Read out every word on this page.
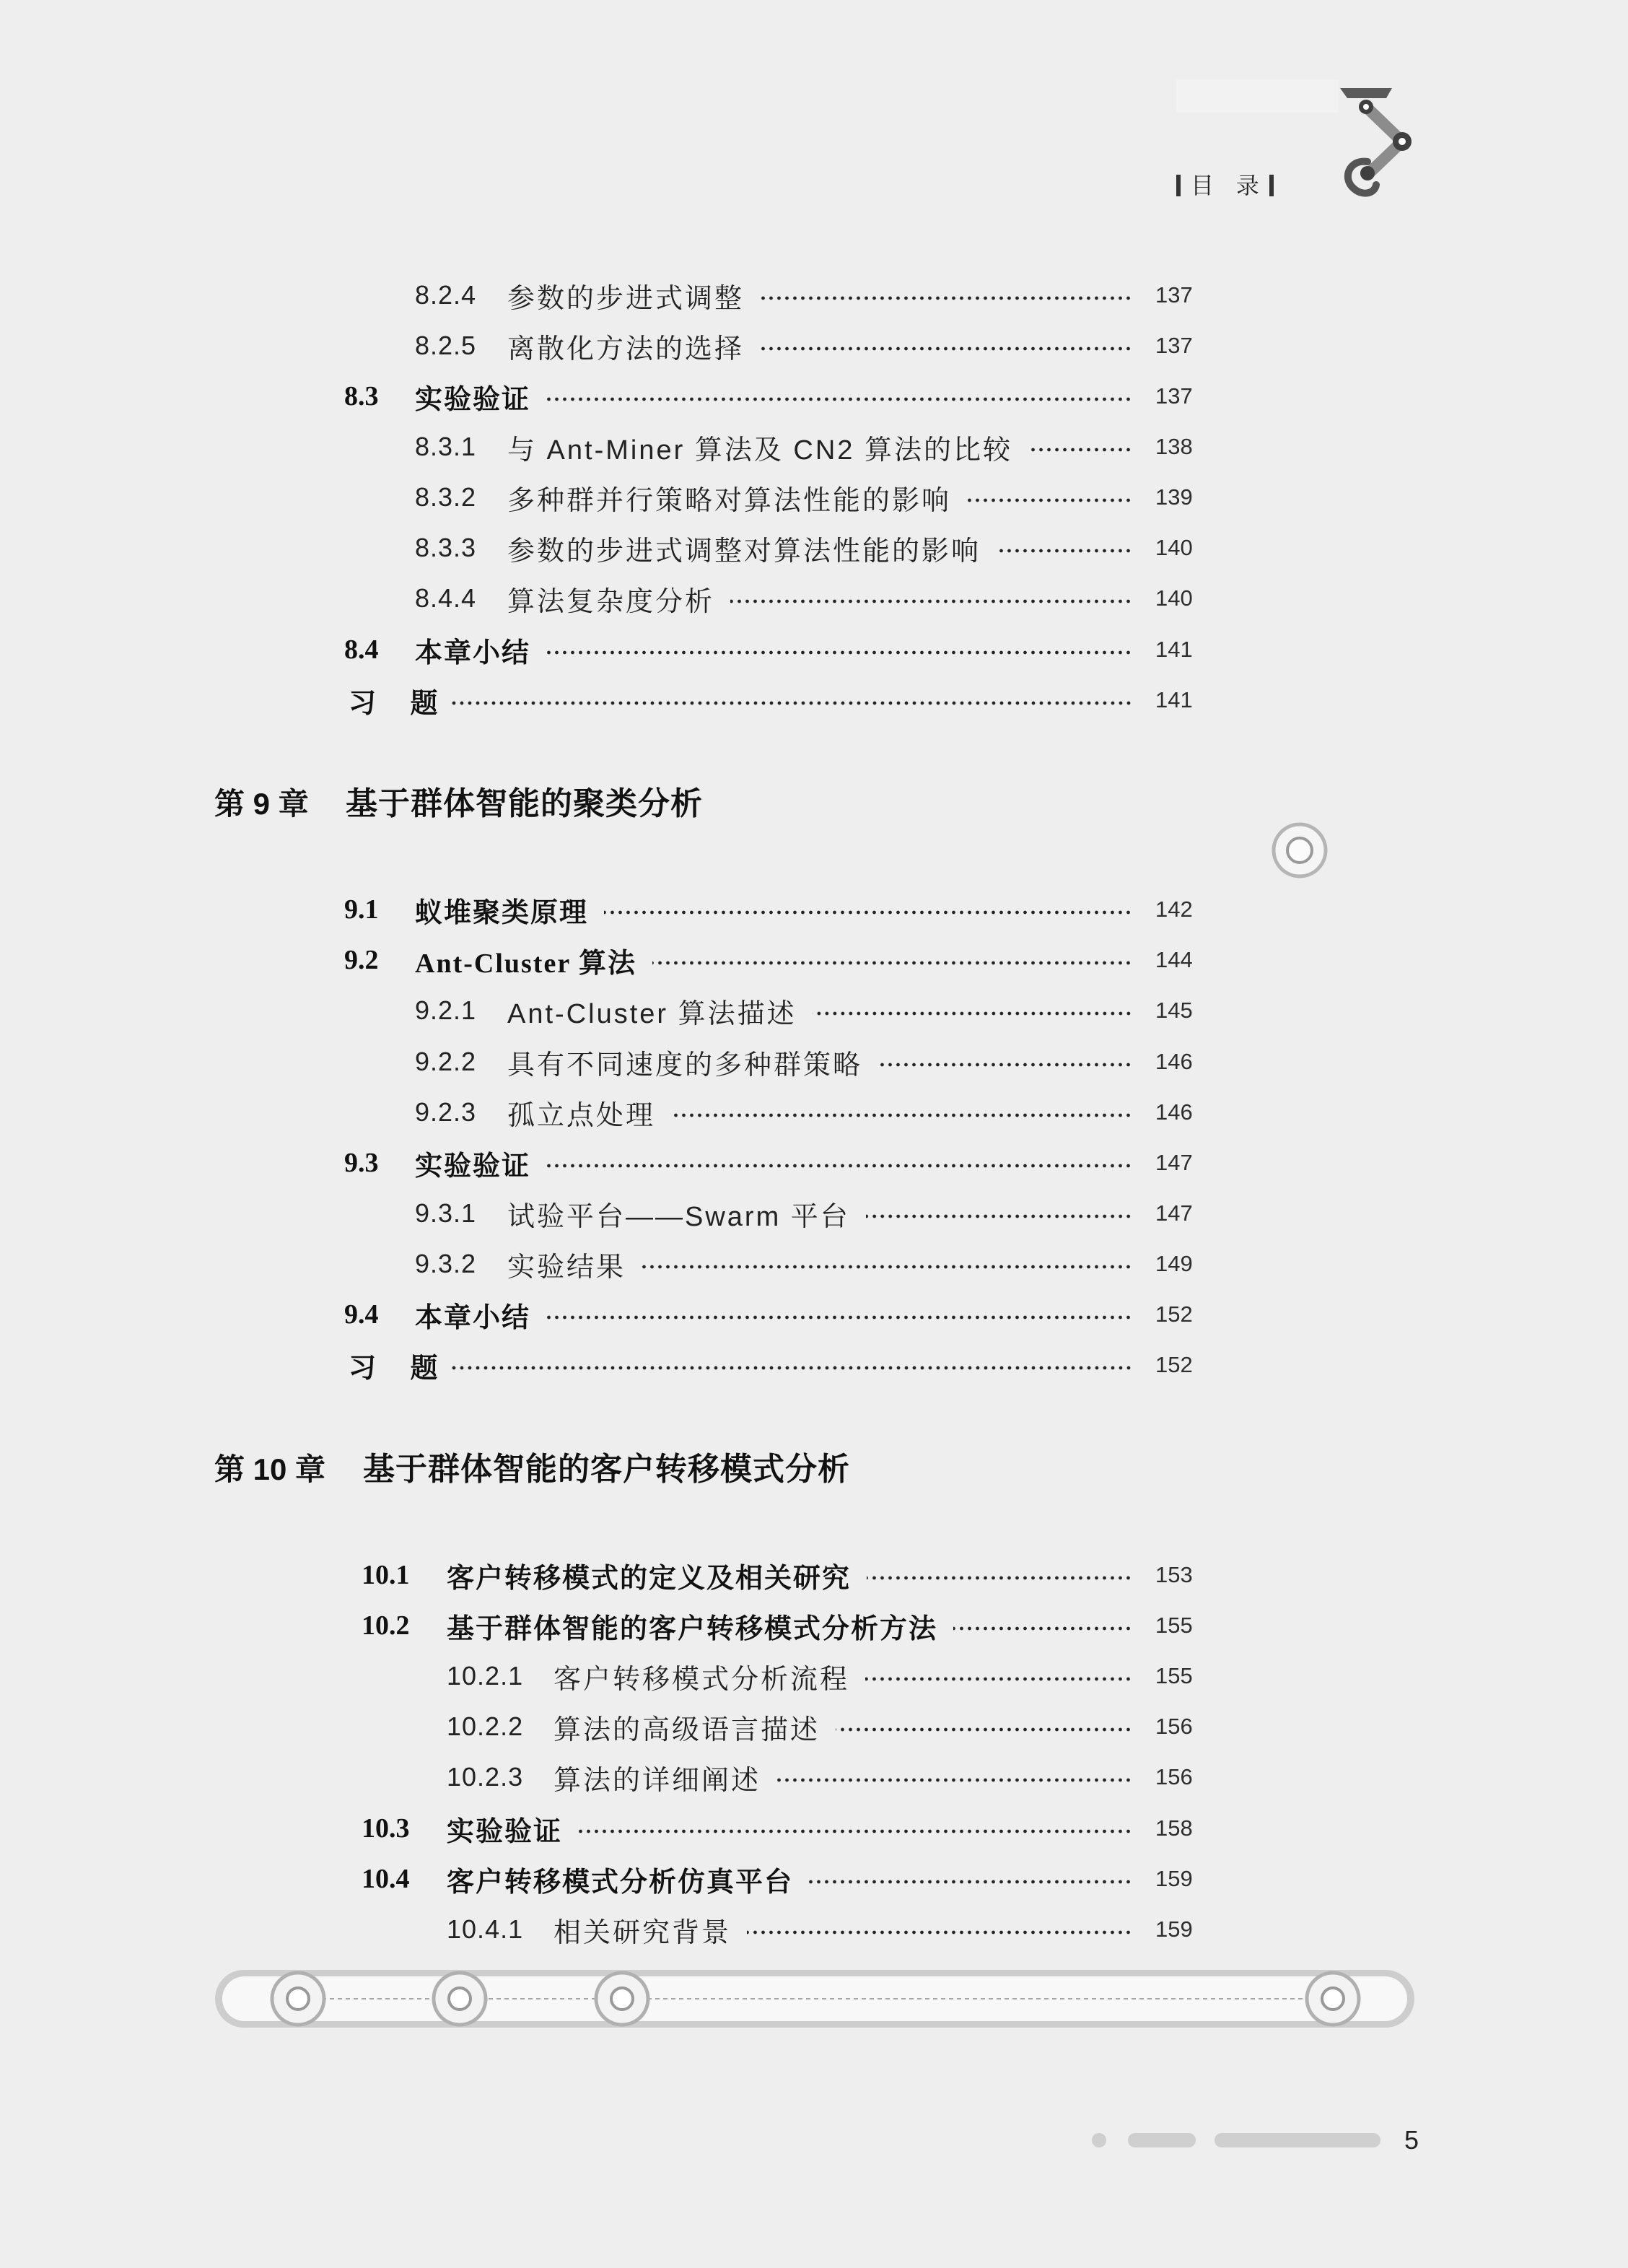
目 录
8.2.4	参数的步进式调整	137
8.2.5	离散化方法的选择	137
8.3	实验验证	137
8.3.1	与 Ant-Miner 算法及 CN2 算法的比较	138
8.3.2	多种群并行策略对算法性能的影响	139
8.3.3	参数的步进式调整对算法性能的影响	140
8.4.4	算法复杂度分析	140
8.4	本章小结	141
习 题	141
第 9 章 基于群体智能的聚类分析
9.1	蚁堆聚类原理	142
9.2	Ant-Cluster 算法	144
9.2.1	Ant-Cluster 算法描述	145
9.2.2	具有不同速度的多种群策略	146
9.2.3	孤立点处理	146
9.3	实验验证	147
9.3.1	试验平台——Swarm 平台	147
9.3.2	实验结果	149
9.4	本章小结	152
习 题	152
第 10 章 基于群体智能的客户转移模式分析
10.1	客户转移模式的定义及相关研究	153
10.2	基于群体智能的客户转移模式分析方法	155
10.2.1	客户转移模式分析流程	155
10.2.2	算法的高级语言描述	156
10.2.3	算法的详细阐述	156
10.3	实验验证	158
10.4	客户转移模式分析仿真平台	159
10.4.1	相关研究背景	159
5
